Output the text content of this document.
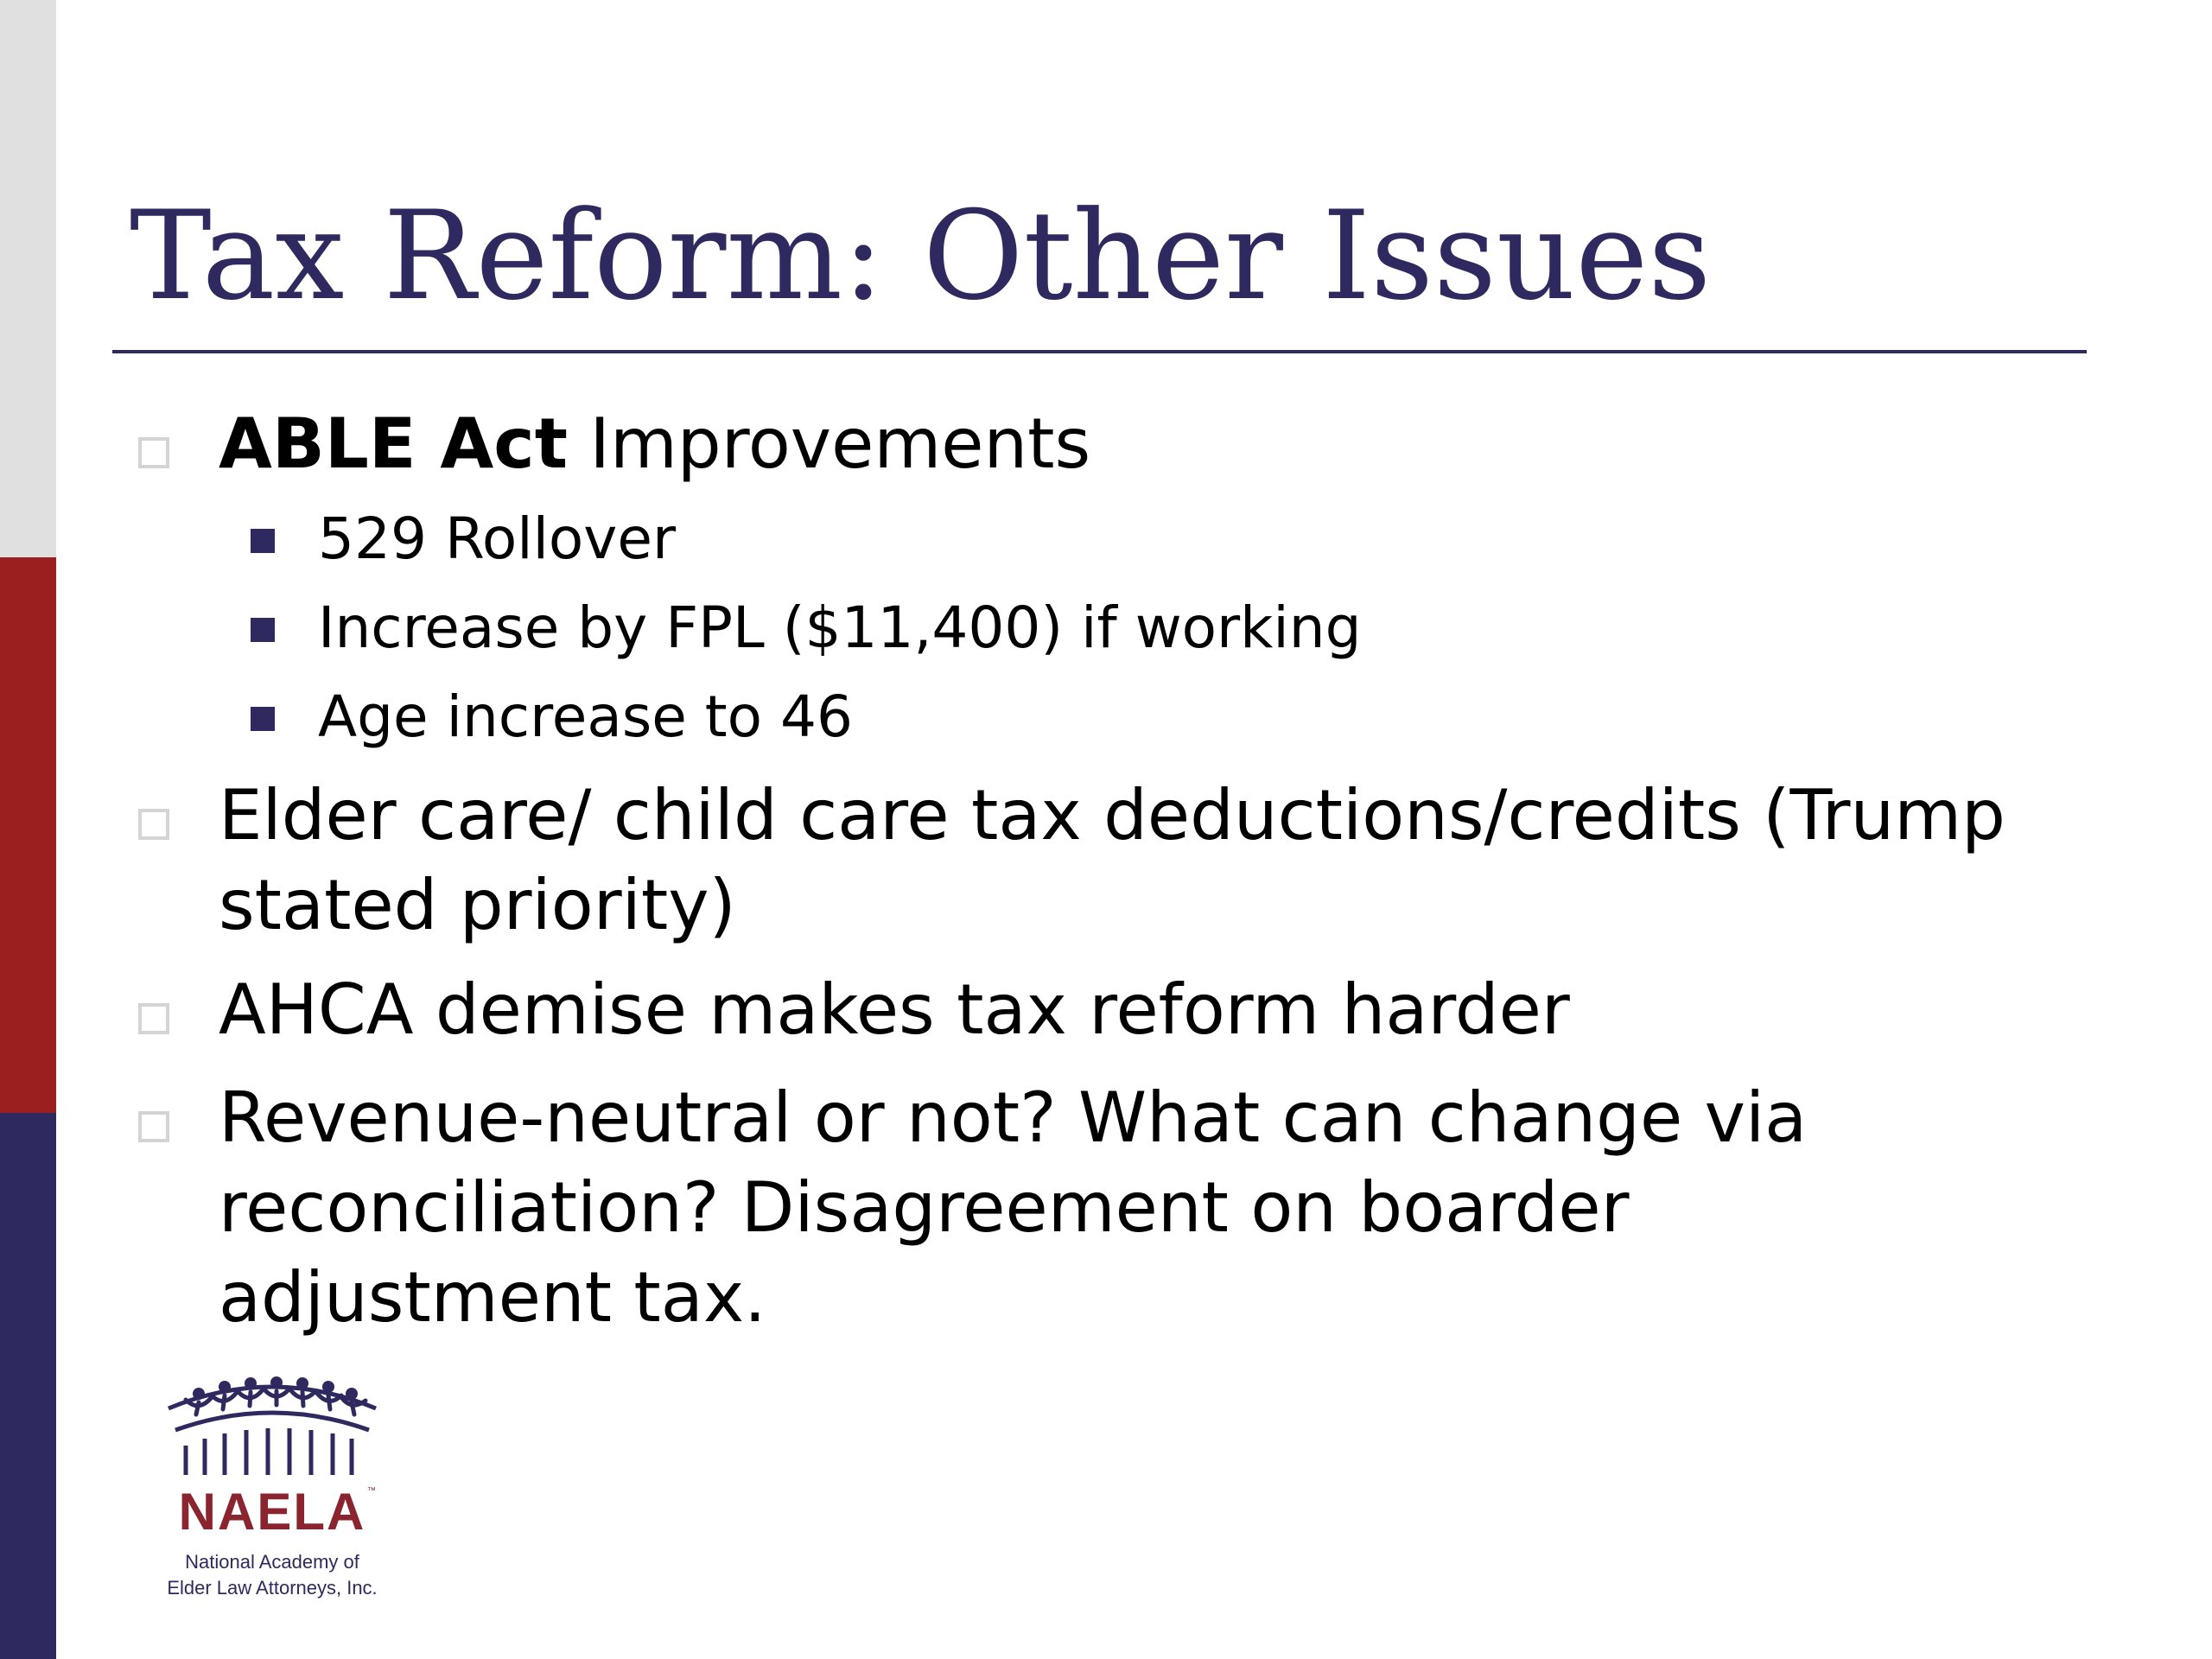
Tax Reform: Other Issues
ABLE Act Improvements
529 Rollover
Increase by FPL ($11,400) if working
Age increase to 46
Elder care/ child care tax deductions/credits (Trump stated priority)
AHCA demise makes tax reform harder
Revenue-neutral or not? What can change via reconciliation? Disagreement on boarder adjustment tax.
NAELA ™
National Academy of
Elder Law Attorneys, Inc.
